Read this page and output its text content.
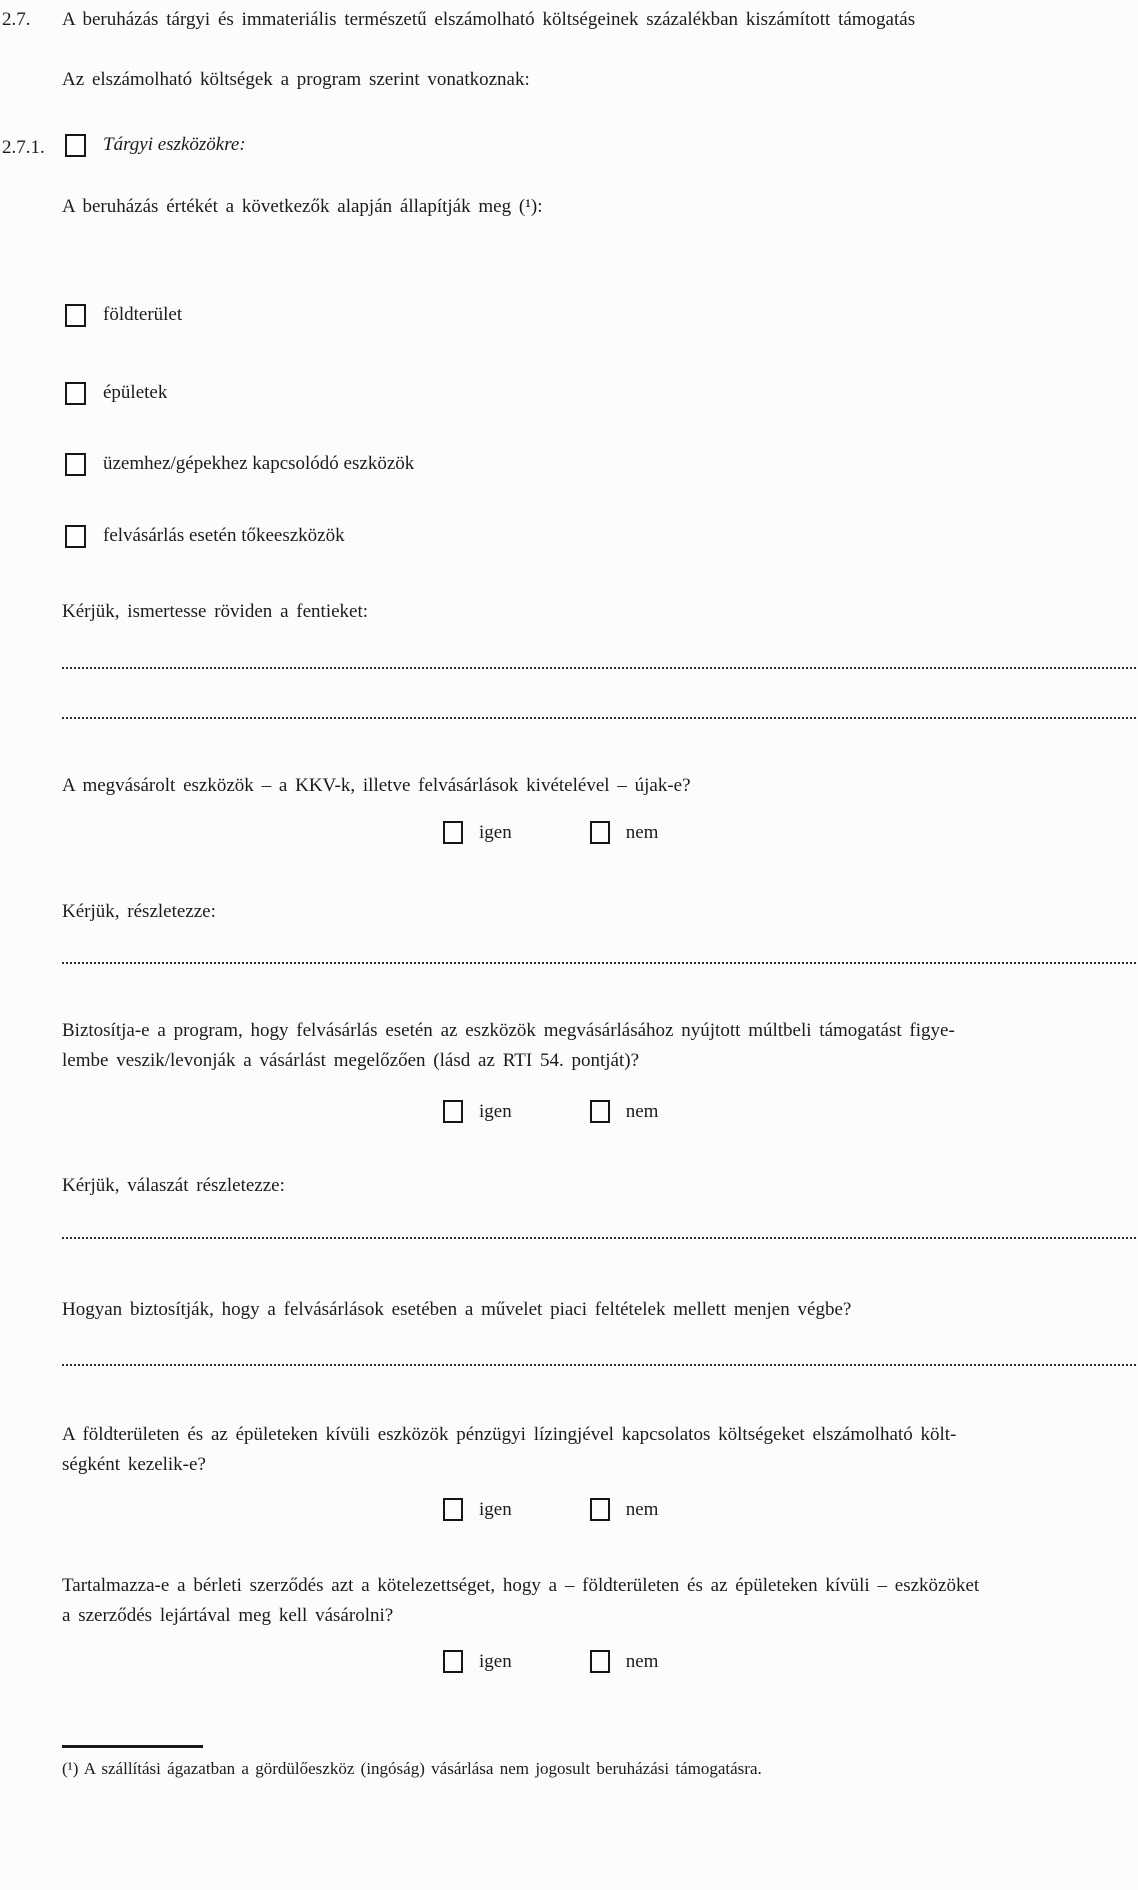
2.7.	A beruházás tárgyi és immateriális természetű elszámolható költségeinek százalékban kiszámított támogatás
Az elszámolható költségek a program szerint vonatkoznak:
2.7.1.	Tárgyi eszközökre:
A beruházás értékét a következők alapján állapítják meg (¹):
földterület
épületek
üzemhez/gépekhez kapcsolódó eszközök
felvásárlás esetén tőkeeszközök
Kérjük, ismertesse röviden a fentieket:
A megvásárolt eszközök – a KKV-k, illetve felvásárlások kivételével – újak-e?
igen	nem
Kérjük, részletezze:
Biztosítja-e a program, hogy felvásárlás esetén az eszközök megvásárlásához nyújtott múltbeli támogatást figye-
lembe veszik/levonják a vásárlást megelőzően (lásd az RTI 54. pontját)?
igen	nem
Kérjük, válaszát részletezze:
Hogyan biztosítják, hogy a felvásárlások esetében a művelet piaci feltételek mellett menjen végbe?
A földterületen és az épületeken kívüli eszközök pénzügyi lízingjével kapcsolatos költségeket elszámolható költ-
ségként kezelik-e?
igen	nem
Tartalmazza-e a bérleti szerződés azt a kötelezettséget, hogy a – földterületen és az épületeken kívüli – eszközöket
a szerződés lejártával meg kell vásárolni?
igen	nem
(¹) A szállítási ágazatban a gördülőeszköz (ingóság) vásárlása nem jogosult beruházási támogatásra.
